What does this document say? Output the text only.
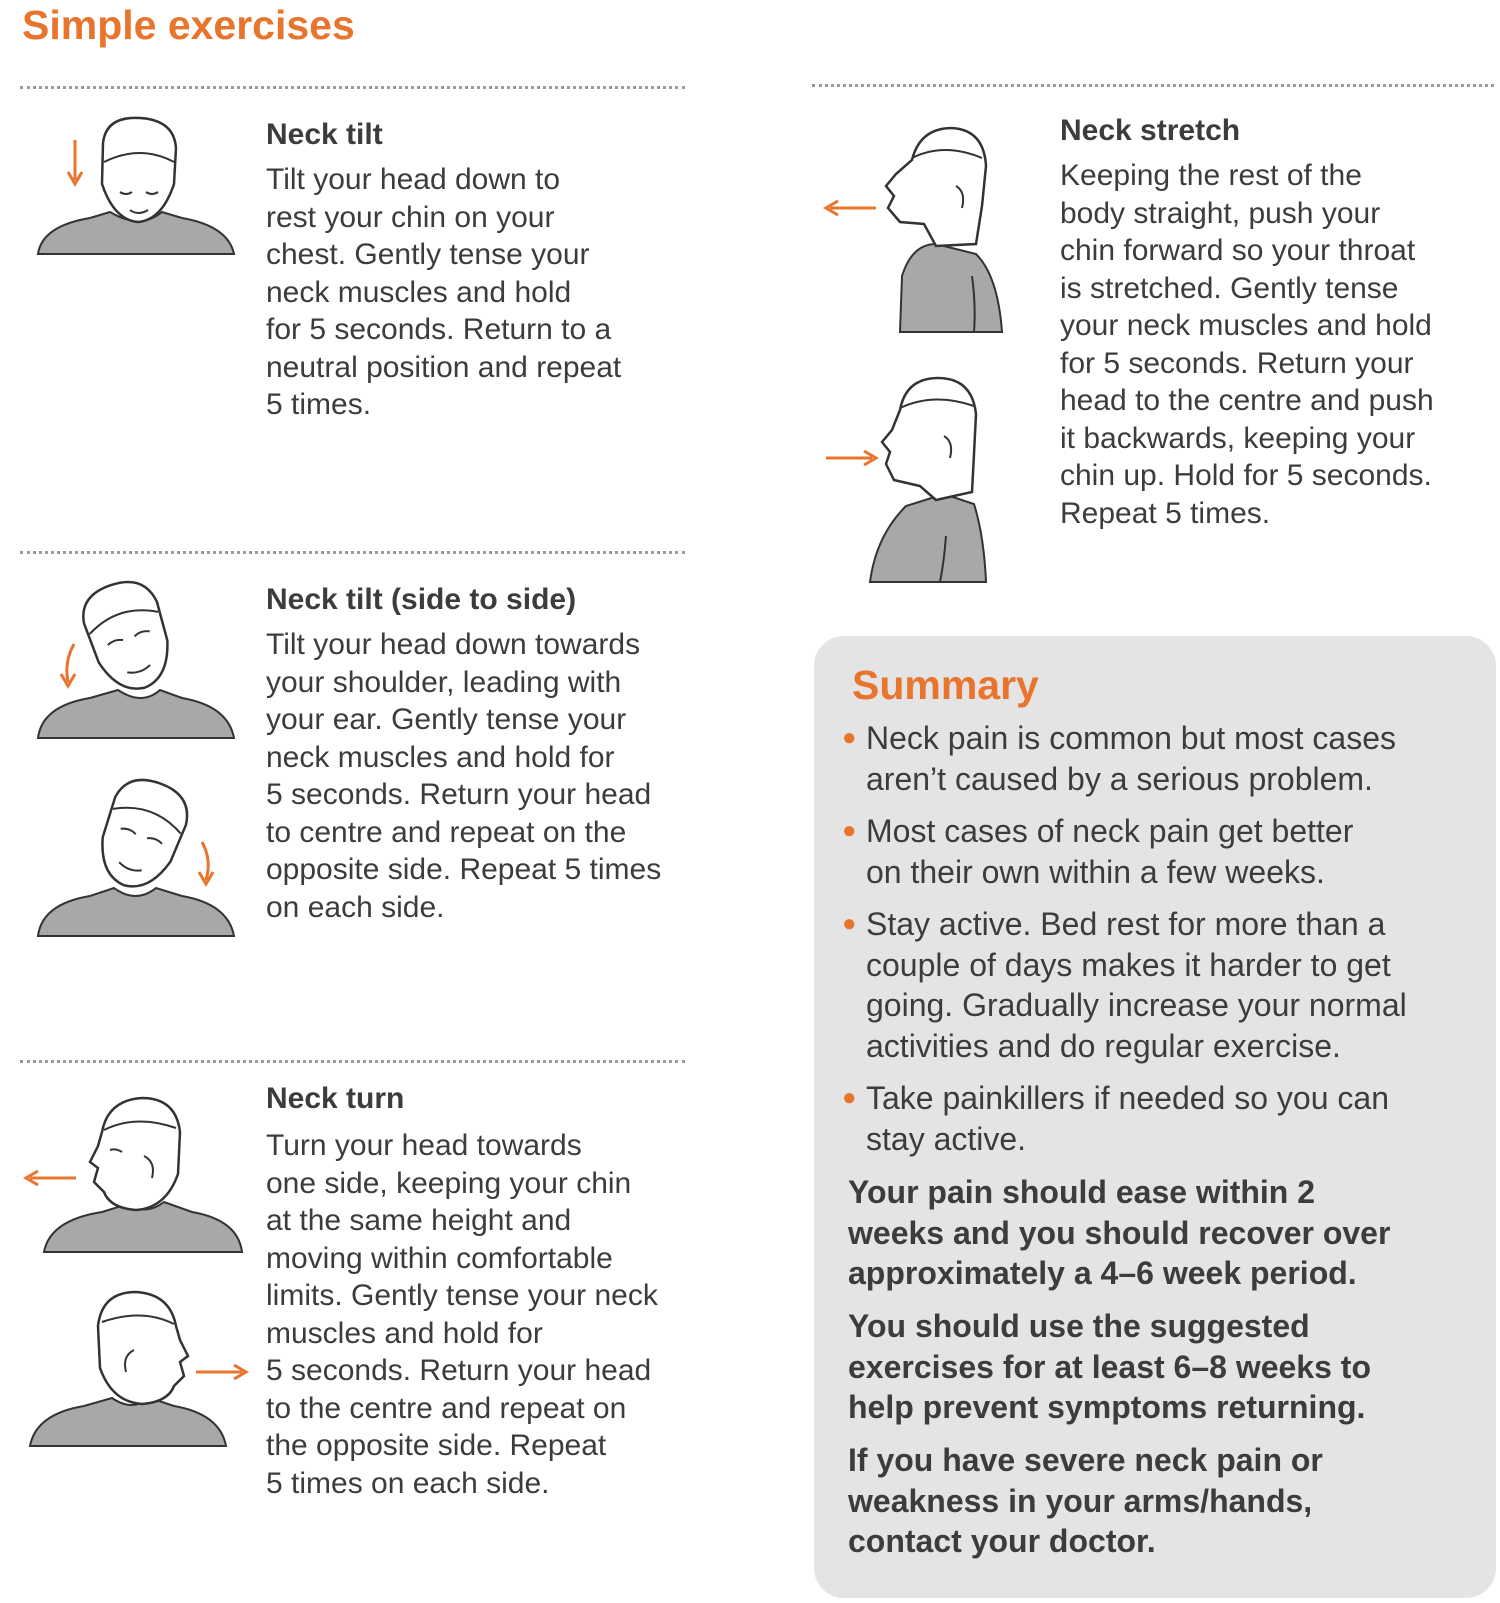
Simple exercises
Neck tilt
Tilt your head down to
rest your chin on your
chest. Gently tense your
neck muscles and hold
for 5 seconds. Return to a
neutral position and repeat
5 times.
Neck tilt (side to side)
Tilt your head down towards
your shoulder, leading with
your ear. Gently tense your
neck muscles and hold for
5 seconds. Return your head
to centre and repeat on the
opposite side. Repeat 5 times
on each side.
Neck turn
Turn your head towards
one side, keeping your chin
at the same height and
moving within comfortable
limits. Gently tense your neck
muscles and hold for
5 seconds. Return your head
to the centre and repeat on
the opposite side. Repeat
5 times on each side.
Neck stretch
Keeping the rest of the
body straight, push your
chin forward so your throat
is stretched. Gently tense
your neck muscles and hold
for 5 seconds. Return your
head to the centre and push
it backwards, keeping your
chin up. Hold for 5 seconds.
Repeat 5 times.
Summary
● Neck pain is common but most cases
aren’t caused by a serious problem.
● Most cases of neck pain get better
on their own within a few weeks.
● Stay active. Bed rest for more than a
couple of days makes it harder to get
going. Gradually increase your normal
activities and do regular exercise.
● Take painkillers if needed so you can
stay active.
Your pain should ease within 2
weeks and you should recover over
approximately a 4–6 week period.
You should use the suggested
exercises for at least 6–8 weeks to
help prevent symptoms returning.
If you have severe neck pain or
weakness in your arms/hands,
contact your doctor.
